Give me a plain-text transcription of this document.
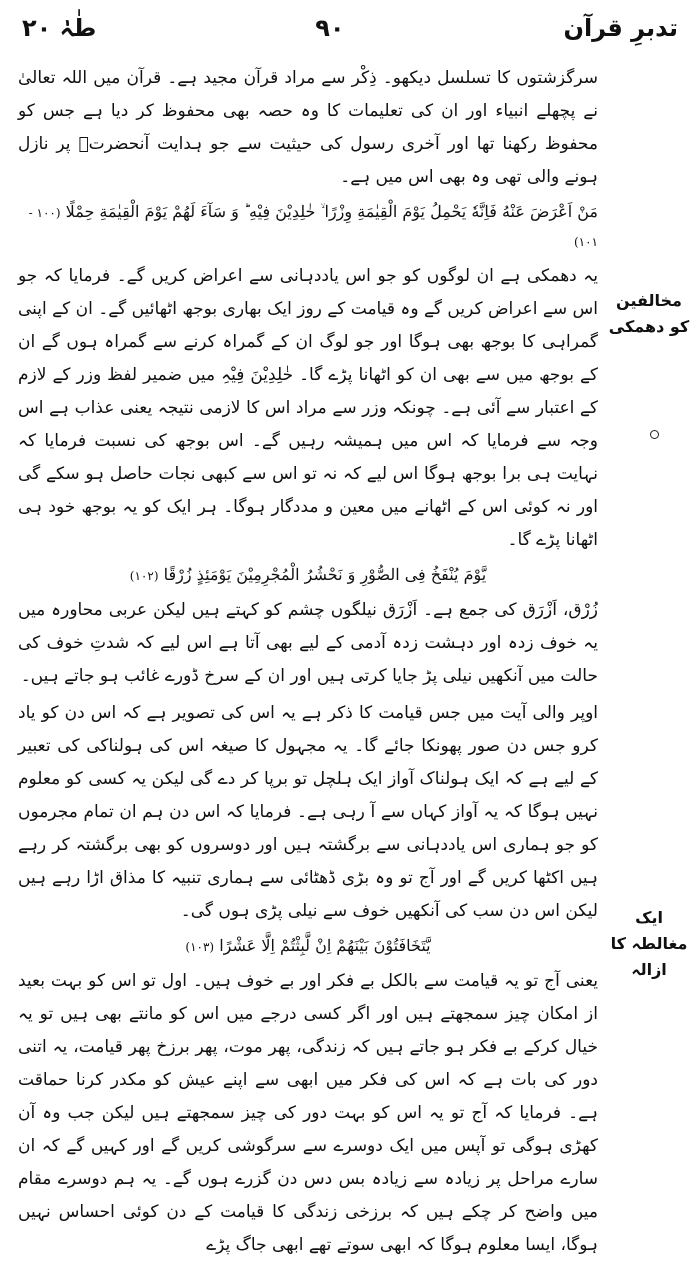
طٰہٰ ۲۰	۹۰	تدبرِ قرآن
مخالفین کو دھمکی
ایک مغالطہ کا ازالہ

سرگزشتوں کا تسلسل دیکھو۔ ذِکْر سے مراد قرآن مجید ہے۔ قرآن میں اللہ تعالیٰ نے پچھلے انبیاء اور ان کی تعلیمات کا وہ حصہ بھی محفوظ کر دیا ہے جس کو محفوظ رکھنا تھا اور آخری رسول کی حیثیت سے جو ہدایت آنحضرتؐ پر نازل ہونے والی تھی وہ بھی اس میں ہے۔

مَنْ اَعْرَضَ عَنْهُ فَاِنَّهٗ یَحْمِلُ یَوْمَ الْقِیٰمَةِ وِزْرًا ۙ خٰلِدِیْنَ فِیْهِ ؕ وَ سَآءَ لَهُمْ یَوْمَ الْقِیٰمَةِ حِمْلًا (۱۰۰ - ۱۰۱)

یہ دھمکی ہے ان لوگوں کو جو اس یاددہانی سے اعراض کریں گے۔ فرمایا کہ جو اس سے اعراض کریں گے وہ قیامت کے روز ایک بھاری بوجھ اٹھائیں گے۔ ان کے اپنی گمراہی کا بوجھ بھی ہوگا اور جو لوگ ان کے گمراہ کرنے سے گمراہ ہوں گے ان کے بوجھ میں سے بھی ان کو اٹھانا پڑے گا۔ خٰلِدِیْنَ فِیْہِ میں ضمیر لفظ وزر کے لازم کے اعتبار سے آئی ہے۔ چونکہ وزر سے مراد اس کا لازمی نتیجہ یعنی عذاب ہے اس وجہ سے فرمایا کہ اس میں ہمیشہ رہیں گے۔ اس بوجھ کی نسبت فرمایا کہ نہایت ہی برا بوجھ ہوگا اس لیے کہ نہ تو اس سے کبھی نجات حاصل ہو سکے گی اور نہ کوئی اس کے اٹھانے میں معین و مددگار ہوگا۔ ہر ایک کو یہ بوجھ خود ہی اٹھانا پڑے گا۔

یَّوْمَ یُنْفَخُ فِی الصُّوْرِ وَ نَحْشُرُ الْمُجْرِمِیْنَ یَوْمَئِذٍ زُرْقًا (۱۰۲)

زُرْق، اَزْرَق کی جمع ہے۔ اَزْرَق نیلگوں چشم کو کہتے ہیں لیکن عربی محاورہ میں یہ خوف زدہ اور دہشت زدہ آدمی کے لیے بھی آتا ہے اس لیے کہ شدتِ خوف کی حالت میں آنکھیں نیلی پڑ جایا کرتی ہیں اور ان کے سرخ ڈورے غائب ہو جاتے ہیں۔

اوپر والی آیت میں جس قیامت کا ذکر ہے یہ اس کی تصویر ہے کہ اس دن کو یاد کرو جس دن صور پھونکا جائے گا۔ یہ مجہول کا صیغہ اس کی ہولناکی کی تعبیر کے لیے ہے کہ ایک ہولناک آواز ایک ہلچل تو برپا کر دے گی لیکن یہ کسی کو معلوم نہیں ہوگا کہ یہ آواز کہاں سے آ رہی ہے۔ فرمایا کہ اس دن ہم ان تمام مجرموں کو جو ہماری اس یاددہانی سے برگشتہ ہیں اور دوسروں کو بھی برگشتہ کر رہے ہیں اکٹھا کریں گے اور آج تو وہ بڑی ڈھٹائی سے ہماری تنبیہ کا مذاق اڑا رہے ہیں لیکن اس دن سب کی آنکھیں خوف سے نیلی پڑی ہوں گی۔

یَّتَخَافَتُوْنَ بَیْنَهُمْ اِنْ لَّبِثْتُمْ اِلَّا عَشْرًا (۱۰۳)

یعنی آج تو یہ قیامت سے بالکل بے فکر اور بے خوف ہیں۔ اول تو اس کو بہت بعید از امکان چیز سمجھتے ہیں اور اگر کسی درجے میں اس کو مانتے بھی ہیں تو یہ خیال کرکے بے فکر ہو جاتے ہیں کہ زندگی، پھر موت، پھر برزخ پھر قیامت، یہ اتنی دور کی بات ہے کہ اس کی فکر میں ابھی سے اپنے عیش کو مکدر کرنا حماقت ہے۔ فرمایا کہ آج تو یہ اس کو بہت دور کی چیز سمجھتے ہیں لیکن جب وہ آن کھڑی ہوگی تو آپس میں ایک دوسرے سے سرگوشی کریں گے اور کہیں گے کہ ان سارے مراحل پر زیادہ سے زیادہ بس دس دن گزرے ہوں گے۔ یہ ہم دوسرے مقام میں واضح کر چکے ہیں کہ برزخی زندگی کا قیامت کے دن کوئی احساس نہیں ہوگا، ایسا معلوم ہوگا کہ ابھی سوتے تھے ابھی جاگ پڑے
